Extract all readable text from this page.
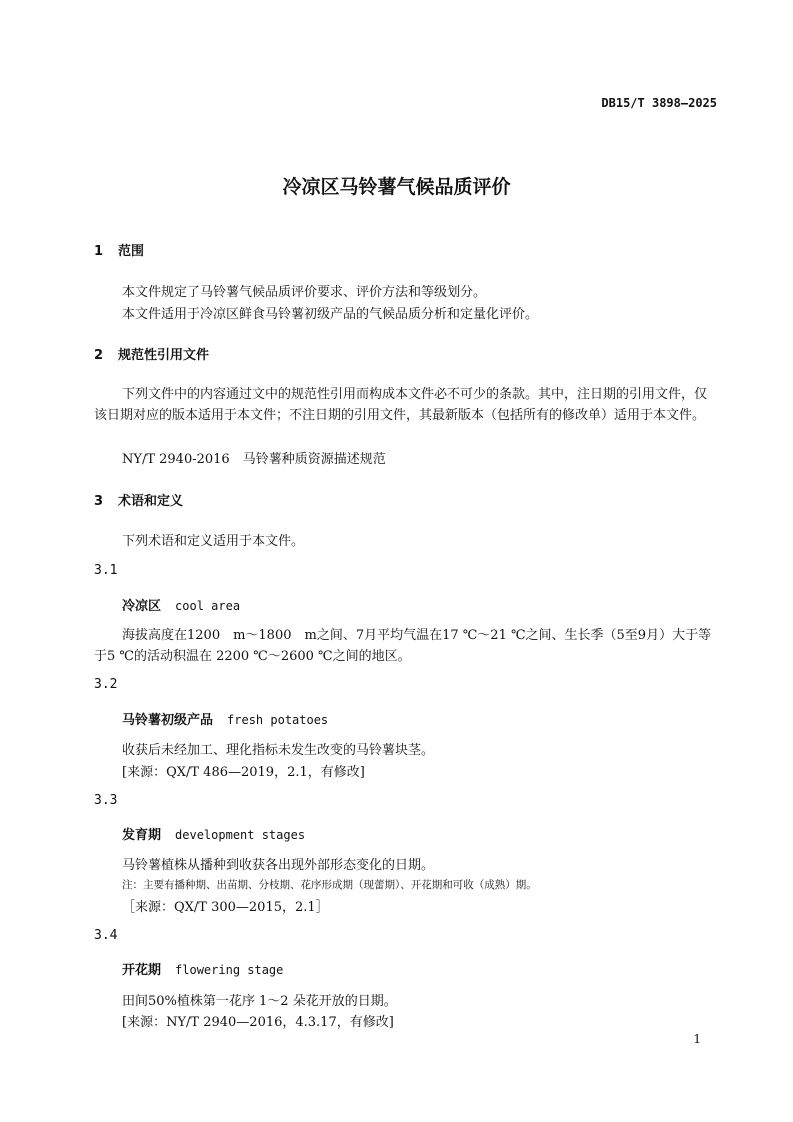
DB15/T 3898—2025
冷凉区马铃薯气候品质评价
1 范围
本文件规定了马铃薯气候品质评价要求、评价方法和等级划分。
本文件适用于冷凉区鲜食马铃薯初级产品的气候品质分析和定量化评价。
2 规范性引用文件
下列文件中的内容通过文中的规范性引用而构成本文件必不可少的条款。其中，注日期的引用文件，仅该日期对应的版本适用于本文件；不注日期的引用文件，其最新版本（包括所有的修改单）适用于本文件。
NY/T 2940-2016　马铃薯种质资源描述规范
3 术语和定义
下列术语和定义适用于本文件。
3.1
冷凉区 cool area
海拔高度在1200　m～1800　m之间、7月平均气温在17 ℃～21 ℃之间、生长季（5至9月）大于等于5 ℃的活动积温在 2200 ℃～2600 ℃之间的地区。
3.2
马铃薯初级产品 fresh potatoes
收获后未经加工、理化指标未发生改变的马铃薯块茎。
[来源：QX/T 486—2019，2.1，有修改]
3.3
发育期 development stages
马铃薯植株从播种到收获各出现外部形态变化的日期。
注：主要有播种期、出苗期、分枝期、花序形成期（现蕾期）、开花期和可收（成熟）期。
［来源：QX/T 300—2015，2.1］
3.4
开花期 flowering stage
田间50%植株第一花序 1～2 朵花开放的日期。
[来源：NY/T 2940—2016，4.3.17，有修改]
1
